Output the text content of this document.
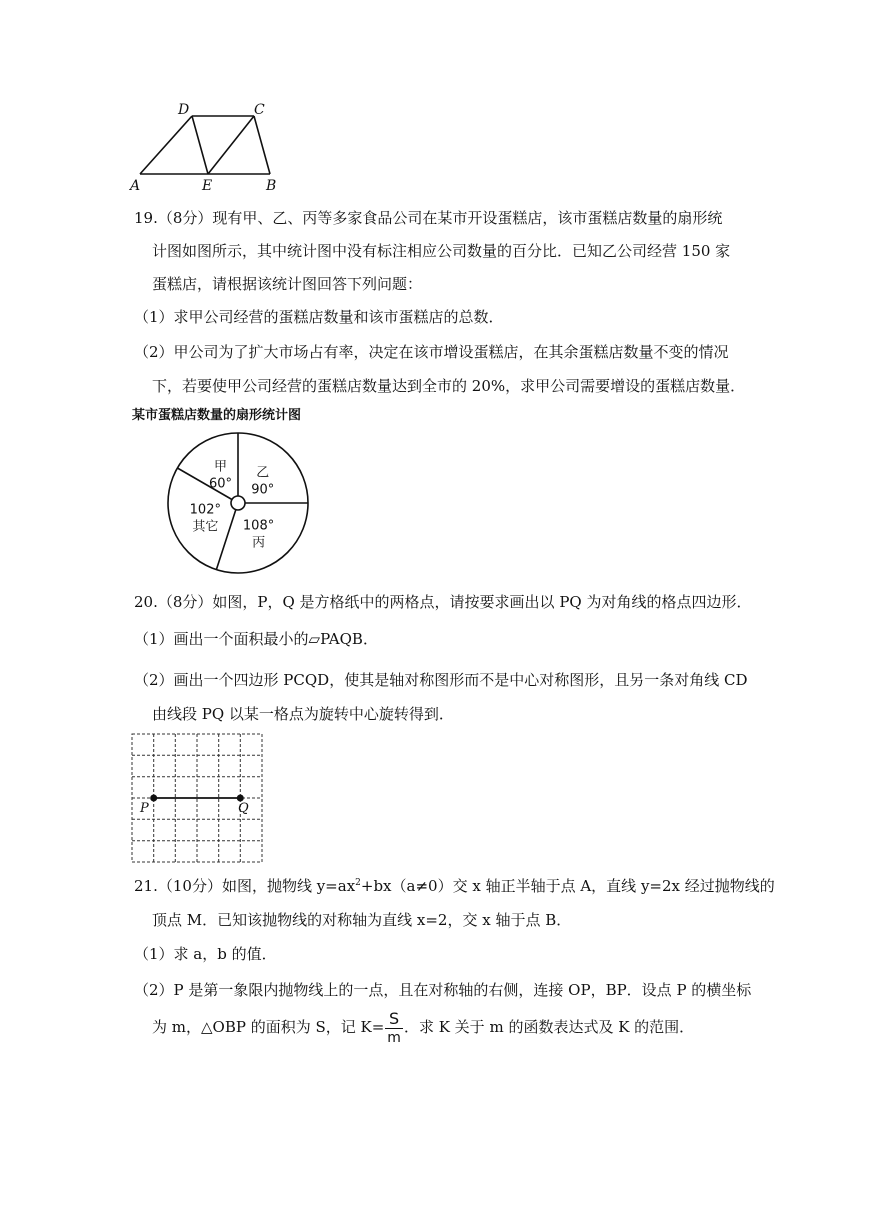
A
D	C
E	B
19.（8分）现有甲、乙、丙等多家食品公司在某市开设蛋糕店，该市蛋糕店数量的扇形统
计图如图所示，其中统计图中没有标注相应公司数量的百分比．已知乙公司经营 150 家
蛋糕店，请根据该统计图回答下列问题：
（1）求甲公司经营的蛋糕店数量和该市蛋糕店的总数．
（2）甲公司为了扩大市场占有率，决定在该市增设蛋糕店，在其余蛋糕店数量不变的情况
下，若要使甲公司经营的蛋糕店数量达到全市的 20%，求甲公司需要增设的蛋糕店数量．
某市蛋糕店数量的扇形统计图
乙
90°
108°
丙
102°
其它
甲
60°
20.（8分）如图，P，Q 是方格纸中的两格点，请按要求画出以 PQ 为对角线的格点四边形．
（1）画出一个面积最小的▱PAQB．
（2）画出一个四边形 PCQD，使其是轴对称图形而不是中心对称图形，且另一条对角线 CD
由线段 PQ 以某一格点为旋转中心旋转得到．
P	Q
21.（10分）如图，抛物线 $y=ax^2+bx(a\ne 0)$交 x 轴正半轴于点 A，直线 y=2x 经过抛物线的
顶点 M．已知该抛物线的对称轴为直线 x=2，交 x 轴于点 B．
（1）求 a，b 的值．
（2）P 是第一象限内抛物线上的一点，且在对称轴的右侧，连接 OP，BP．设点 P 的横坐标
为 m，△OBP 的面积为 S，记 $K= \frac{S}{m}$ ．求 K 关于 m 的函数表达式及 K 的范围．
